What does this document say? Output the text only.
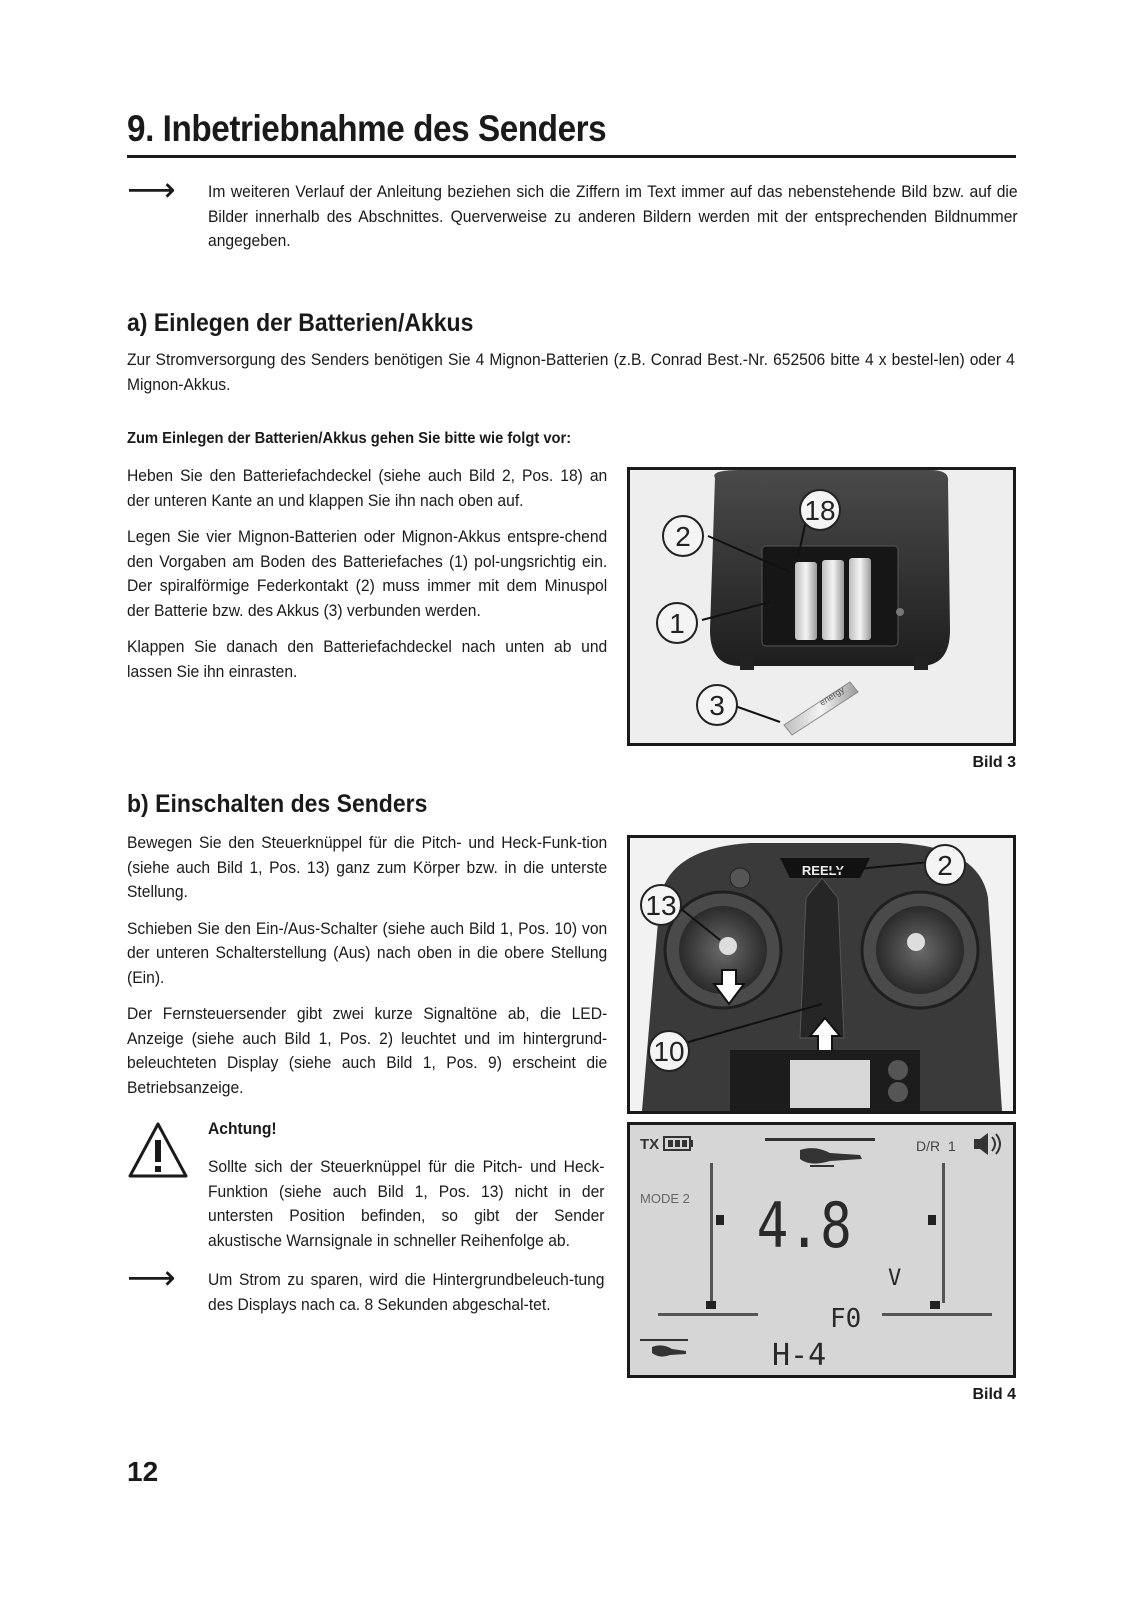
9. Inbetriebnahme des Senders
⟶ Im weiteren Verlauf der Anleitung beziehen sich die Ziffern im Text immer auf das nebenstehende Bild bzw. auf die Bilder innerhalb des Abschnittes. Querverweise zu anderen Bildern werden mit der entsprechenden Bildnummer angegeben.

a) Einlegen der Batterien/Akkus

Zur Stromversorgung des Senders benötigen Sie 4 Mignon-Batterien (z.B. Conrad Best.-Nr. 652506 bitte 4 x bestel-len) oder 4 Mignon-Akkus.

Zum Einlegen der Batterien/Akkus gehen Sie bitte wie folgt vor:

Heben Sie den Batteriefachdeckel (siehe auch Bild 2, Pos. 18) an der unteren Kante an und klappen Sie ihn nach oben auf.

Legen Sie vier Mignon-Batterien oder Mignon-Akkus entspre-chend den Vorgaben am Boden des Batteriefaches (1) pol-ungsrichtig ein. Der spiralförmige Federkontakt (2) muss immer mit dem Minuspol der Batterie bzw. des Akkus (3) verbunden werden.

Klappen Sie danach den Batteriefachdeckel nach unten ab und lassen Sie ihn einrasten.

18
2
1
3	energy
Bild 3
b) Einschalten des Senders

Bewegen Sie den Steuerknüppel für die Pitch- und Heck-Funk-tion (siehe auch Bild 1, Pos. 13) ganz zum Körper bzw. in die unterste Stellung.

Schieben Sie den Ein-/Aus-Schalter (siehe auch Bild 1, Pos. 10) von der unteren Schalterstellung (Aus) nach oben in die obere Stellung (Ein).

Der Fernsteuersender gibt zwei kurze Signaltöne ab, die LED-Anzeige (siehe auch Bild 1, Pos. 2) leuchtet und im hintergrund-beleuchteten Display (siehe auch Bild 1, Pos. 9) erscheint die Betriebsanzeige.

Achtung!

Sollte sich der Steuerknüppel für die Pitch- und Heck-Funktion (siehe auch Bild 1, Pos. 13) nicht in der untersten Position befinden, so gibt der Sender akustische Warnsignale in schneller Reihenfolge ab.

⟶ Um Strom zu sparen, wird die Hintergrundbeleuch-tung des Displays nach ca. 8 Sekunden abgeschal-tet.

REELY	2
13
10
TX	D/R 1
MODE 2 4.8
V
F0
H-4
Bild 4
12
